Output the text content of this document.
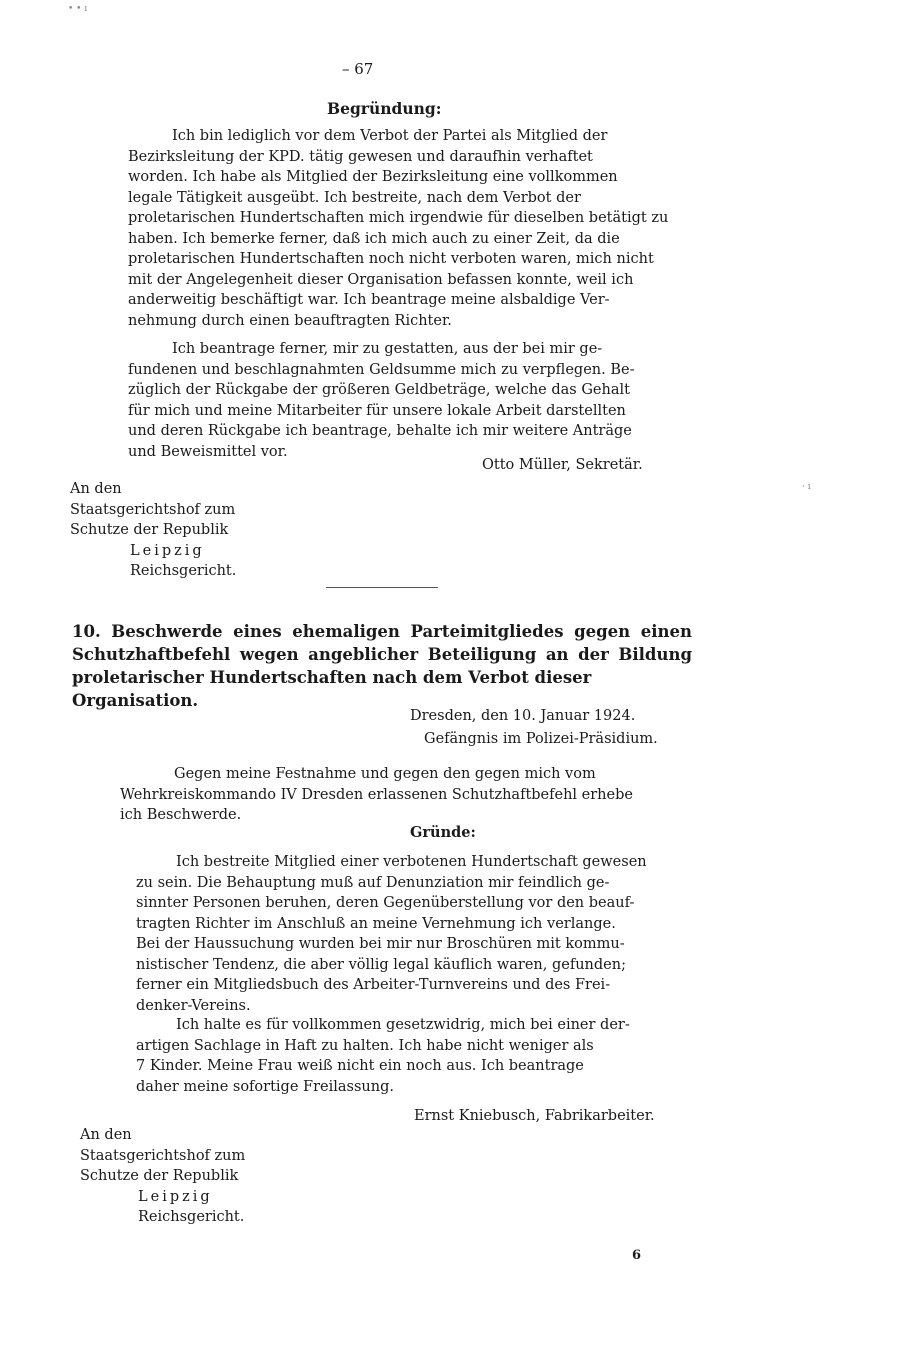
• • ı
· ı
– 67
Begründung:
Ich bin lediglich vor dem Verbot der Partei als Mitglied der
Bezirksleitung der KPD. tätig gewesen und daraufhin verhaftet
worden. Ich habe als Mitglied der Bezirksleitung eine vollkommen
legale Tätigkeit ausgeübt. Ich bestreite, nach dem Verbot der
proletarischen Hundertschaften mich irgendwie für dieselben betätigt zu
haben. Ich bemerke ferner, daß ich mich auch zu einer Zeit, da die
proletarischen Hundertschaften noch nicht verboten waren, mich nicht
mit der Angelegenheit dieser Organisation befassen konnte, weil ich
anderweitig beschäftigt war. Ich beantrage meine alsbaldige Ver-
nehmung durch einen beauftragten Richter.
Ich beantrage ferner, mir zu gestatten, aus der bei mir ge-
fundenen und beschlagnahmten Geldsumme mich zu verpflegen. Be-
züglich der Rückgabe der größeren Geldbeträge, welche das Gehalt
für mich und meine Mitarbeiter für unsere lokale Arbeit darstellten
und deren Rückgabe ich beantrage, behalte ich mir weitere Anträge
und Beweismittel vor.
Otto Müller, Sekretär.
An den
Staatsgerichtshof zum
Schutze der Republik
Leipzig
Reichsgericht.
10. Beschwerde eines ehemaligen Parteimitgliedes gegen einen
Schutzhaftbefehl wegen angeblicher Beteiligung an der Bildung
proletarischer Hundertschaften nach dem Verbot dieser Organisation.
Dresden, den 10. Januar 1924.
Gefängnis im Polizei-Präsidium.
Gegen meine Festnahme und gegen den gegen mich vom
Wehrkreiskommando IV Dresden erlassenen Schutzhaftbefehl erhebe
ich Beschwerde.
Gründe:
Ich bestreite Mitglied einer verbotenen Hundertschaft gewesen
zu sein. Die Behauptung muß auf Denunziation mir feindlich ge-
sinnter Personen beruhen, deren Gegenüberstellung vor den beauf-
tragten Richter im Anschluß an meine Vernehmung ich verlange.
Bei der Haussuchung wurden bei mir nur Broschüren mit kommu-
nistischer Tendenz, die aber völlig legal käuflich waren, gefunden;
ferner ein Mitgliedsbuch des Arbeiter-Turnvereins und des Frei-
denker-Vereins.
Ich halte es für vollkommen gesetzwidrig, mich bei einer der-
artigen Sachlage in Haft zu halten. Ich habe nicht weniger als
7 Kinder. Meine Frau weiß nicht ein noch aus. Ich beantrage
daher meine sofortige Freilassung.
Ernst Kniebusch, Fabrikarbeiter.
An den
Staatsgerichtshof zum
Schutze der Republik
Leipzig
Reichsgericht.
6
